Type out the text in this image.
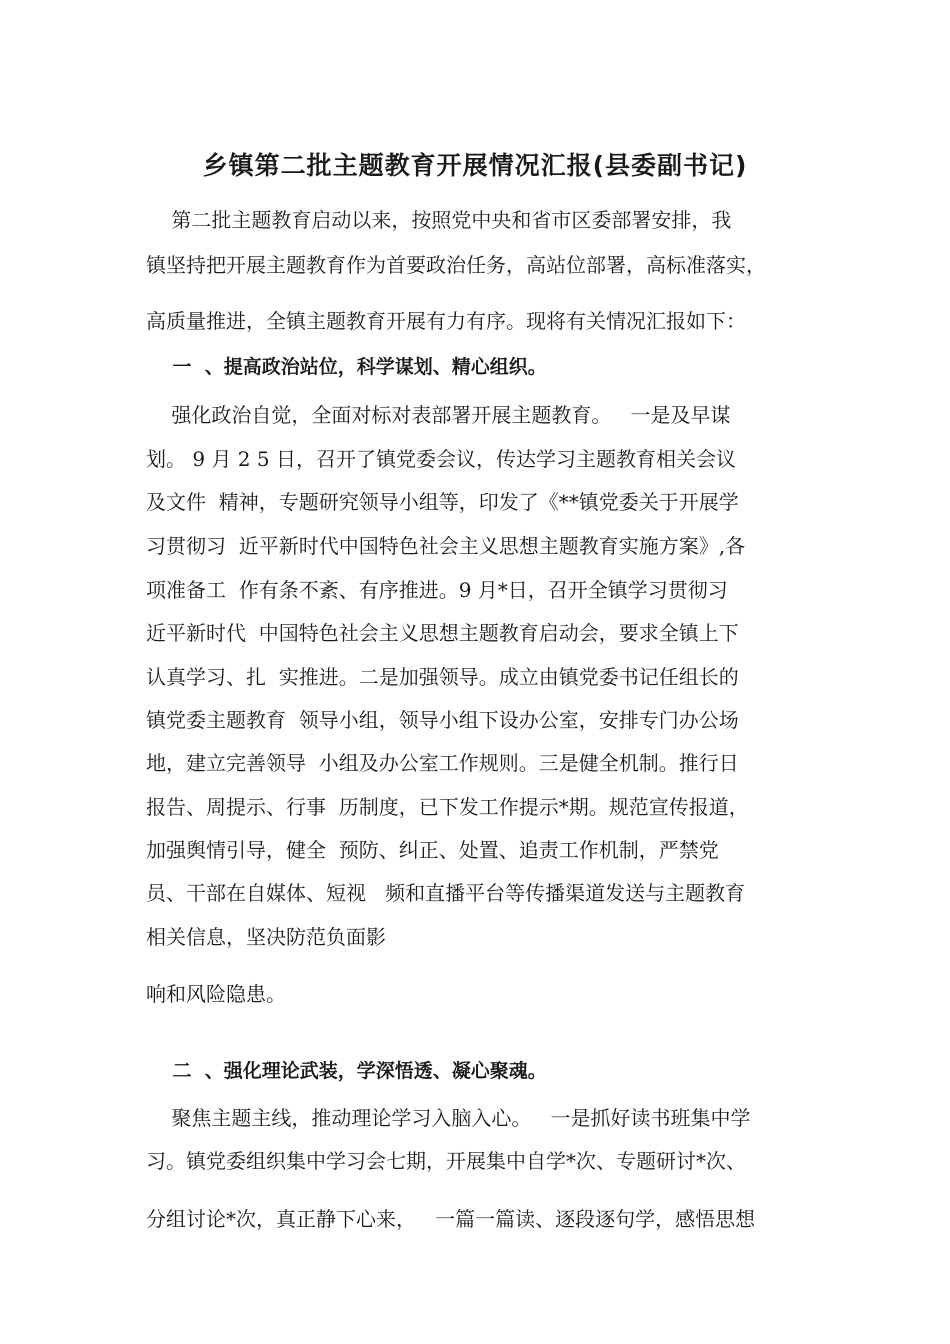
乡镇第二批主题教育开展情况汇报(县委副书记)

第二批主题教育启动以来，按照党中央和省市区委部署安排，我

镇坚持把开展主题教育作为首要政治任务，高站位部署，高标准落实，

高质量推进，全镇主题教育开展有力有序。现将有关情况汇报如下：

一  、提高政治站位，科学谋划、精心组织。

强化政治自觉，全面对标对表部署开展主题教育。   一是及早谋

划。 9 月 2 5 日，召开了镇党委会议，传达学习主题教育相关会议

及文件  精神，专题研究领导小组等，印发了《**镇党委关于开展学

习贯彻习  近平新时代中国特色社会主义思想主题教育实施方案》,各

项准备工  作有条不紊、有序推进。9 月*日，召开全镇学习贯彻习

近平新时代  中国特色社会主义思想主题教育启动会，要求全镇上下

认真学习、扎  实推进。二是加强领导。成立由镇党委书记任组长的

镇党委主题教育  领导小组，领导小组下设办公室，安排专门办公场

地，建立完善领导  小组及办公室工作规则。三是健全机制。推行日

报告、周提示、行事  历制度，已下发工作提示*期。规范宣传报道，

加强舆情引导，健全  预防、纠正、处置、追责工作机制，严禁党

员、干部在自媒体、短视   频和直播平台等传播渠道发送与主题教育

相关信息，坚决防范负面影

响和风险隐患。

二  、强化理论武装，学深悟透、凝心聚魂。

聚焦主题主线，推动理论学习入脑入心。   一是抓好读书班集中学

习。镇党委组织集中学习会七期，开展集中自学*次、专题研讨*次、

分组讨论*次，真正静下心来，   一篇一篇读、逐段逐句学，感悟思想
